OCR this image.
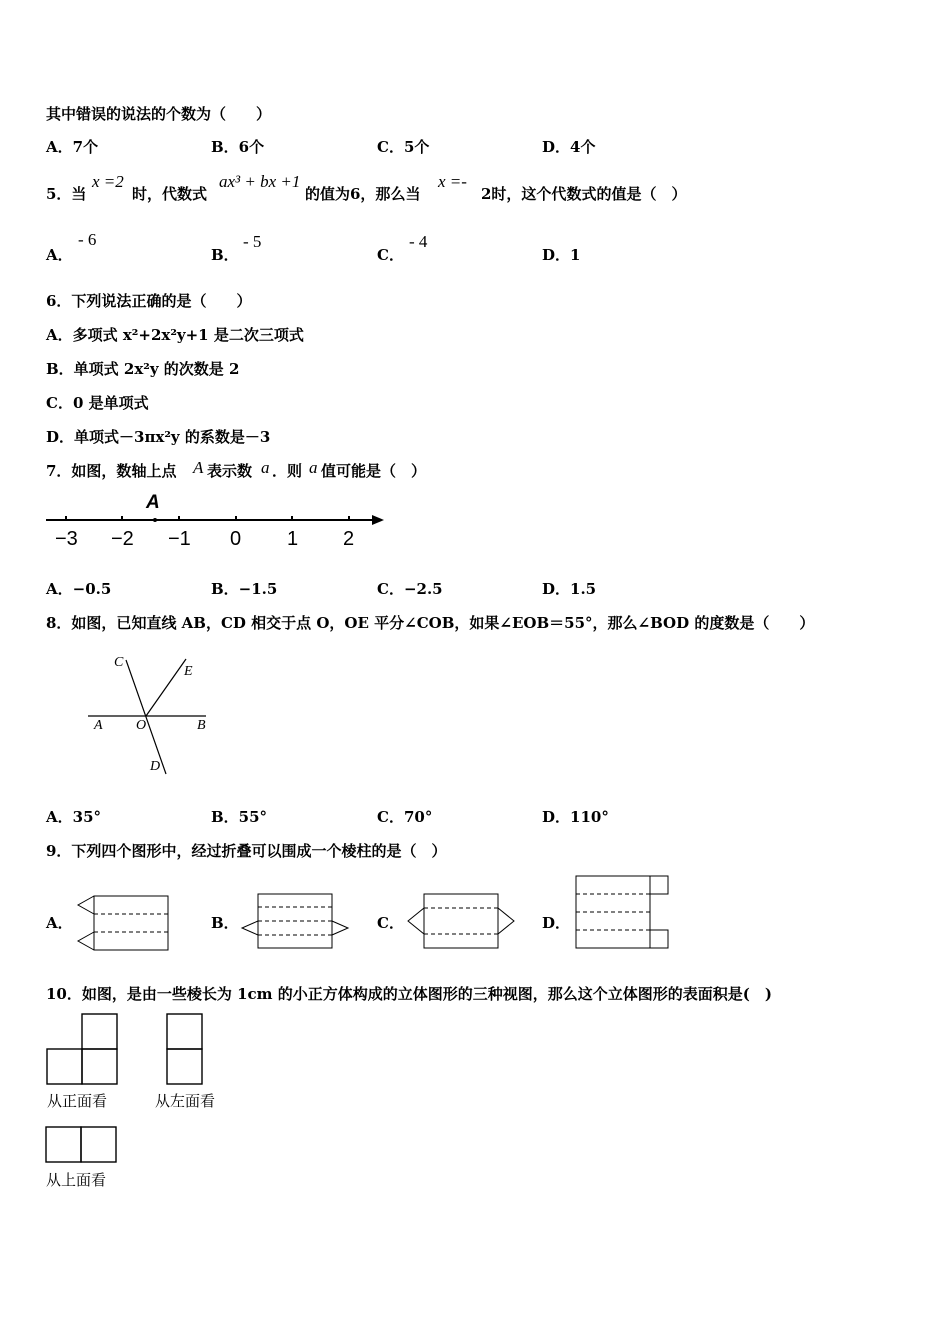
其中错误的说法的个数为（　　）
A．7个	B．6个	C．5个	D．4个
5．当
x =2
时，代数式
ax³ + bx +1
的值为6，那么当
x =-
2时，这个代数式的值是（　）
A．
- 6
B．
- 5
C．
- 4
D．1
6．下列说法正确的是（　　）
A．多项式 x²+2x²y+1 是二次三项式
B．单项式 2x²y 的次数是 2
C．0 是单项式
D．单项式－3πx²y 的系数是－3
7．如图，数轴上点 A 表示数 a ．则 a 值可能是（　）
A
−3 −2 −1 0 1 2
A．−0.5	B．−1.5	C．−2.5	D．1.5
8．如图，已知直线 AB，CD 相交于点 O，OE 平分∠COB，如果∠EOB＝55°，那么∠BOD 的度数是（　　）
C
E
A O	B
D
A．35°	B．55°	C．70°	D．110°
9．下列四个图形中，经过折叠可以围成一个棱柱的是（　）
A．	B．	C．	D．
10．如图，是由一些棱长为 1cm 的小正方体构成的立体图形的三种视图，那么这个立体图形的表面积是(　)
从正面看	从左面看
从上面看
